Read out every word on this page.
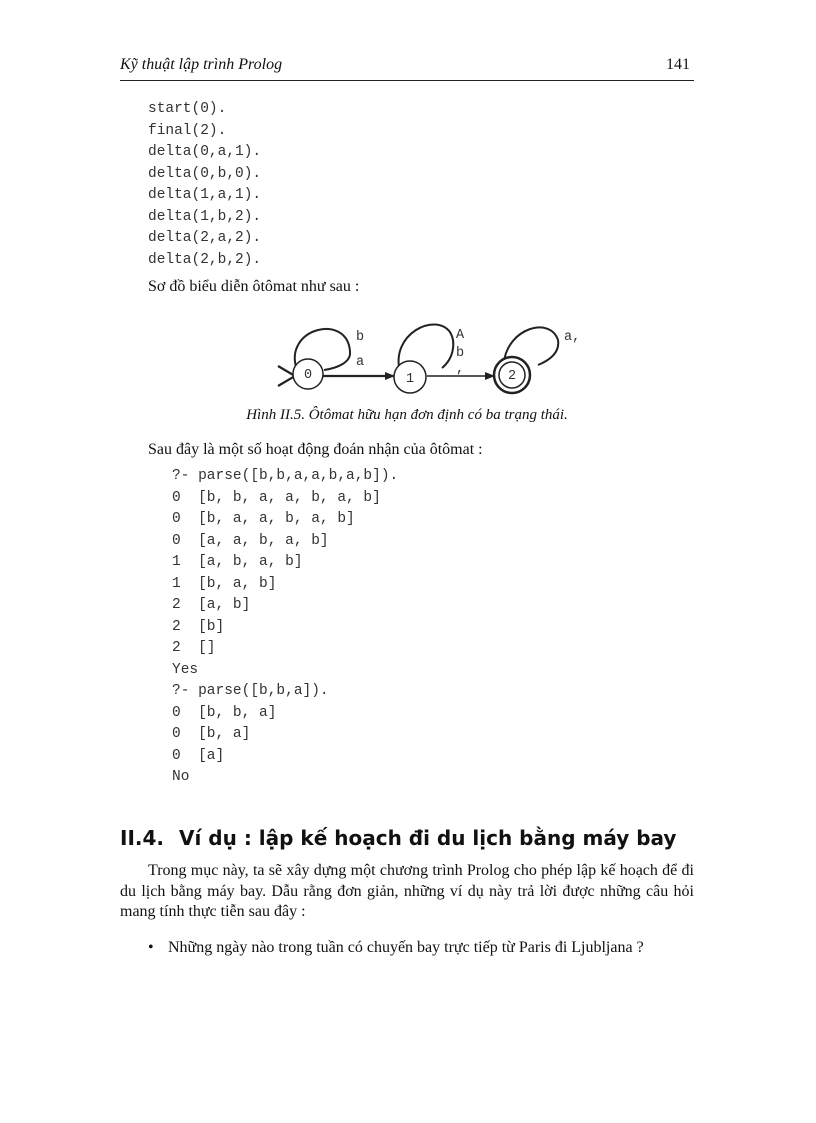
Kỹ thuật lập trình Prolog	141
start(0).
final(2).
delta(0,a,1).
delta(0,b,0).
delta(1,a,1).
delta(1,b,2).
delta(2,a,2).
delta(2,b,2).
Sơ đồ biểu diễn ôtômat như sau :
0	1	2
b
a
A
b
,
a,
Hình II.5. Ôtômat hữu hạn đơn định có ba trạng thái.
Sau đây là một số hoạt động đoán nhận của ôtômat :
?- parse([b,b,a,a,b,a,b]).
0  [b, b, a, a, b, a, b]
0  [b, a, a, b, a, b]
0  [a, a, b, a, b]
1  [a, b, a, b]
1  [b, a, b]
2  [a, b]
2  [b]
2  []
Yes
?- parse([b,b,a]).
0  [b, b, a]
0  [b, a]
0  [a]
No
II.4. Ví dụ : lập kế hoạch đi du lịch bằng máy bay
Trong mục này, ta sẽ xây dựng một chương trình Prolog cho phép lập kế hoạch để đi du lịch bằng máy bay. Dẫu rằng đơn giản, những ví dụ này trả lời được những câu hỏi mang tính thực tiễn sau đây :
• Những ngày nào trong tuần có chuyến bay trực tiếp từ Paris đi Ljubljana ?
